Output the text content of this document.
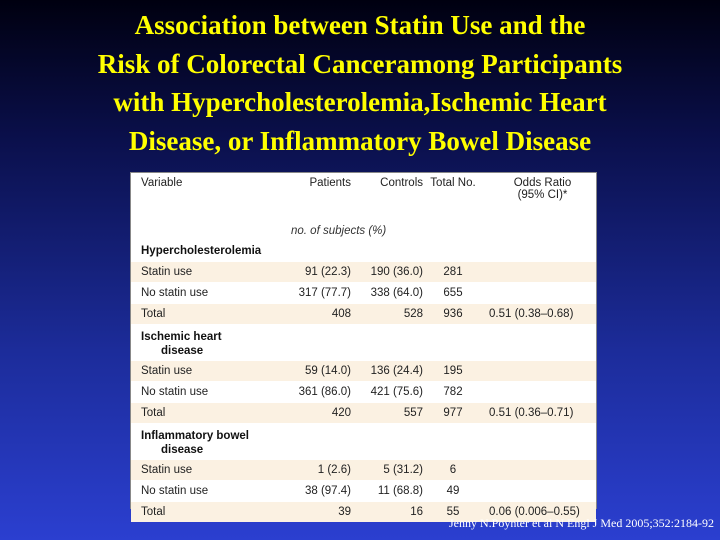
Association between Statin Use and the
Risk of Colorectal Canceramong Participants
with Hypercholesterolemia,Ischemic Heart
Disease, or Inflammatory Bowel Disease
Variable	Patients	Controls	Total No.	Odds Ratio
(95% CI)*

	no. of subjects (%)			
Hypercholesterolemia				
Statin use	91 (22.3)	190 (36.0)	281	
No statin use	317 (77.7)	338 (64.0)	655	
Total	408	528	936	0.51 (0.38–0.68)

Ischemic heart
disease				

Statin use	59 (14.0)	136 (24.4)	195	
No statin use	361 (86.0)	421 (75.6)	782	
Total	420	557	977	0.51 (0.36–0.71)

Inflammatory bowel
disease				

Statin use	1 (2.6)	5 (31.2)	6	
No statin use	38 (97.4)	11 (68.8)	49	
Total	39	16	55	0.06 (0.006–0.55)
Jenny N.Poynter et al N Engl J Med 2005;352:2184-92
